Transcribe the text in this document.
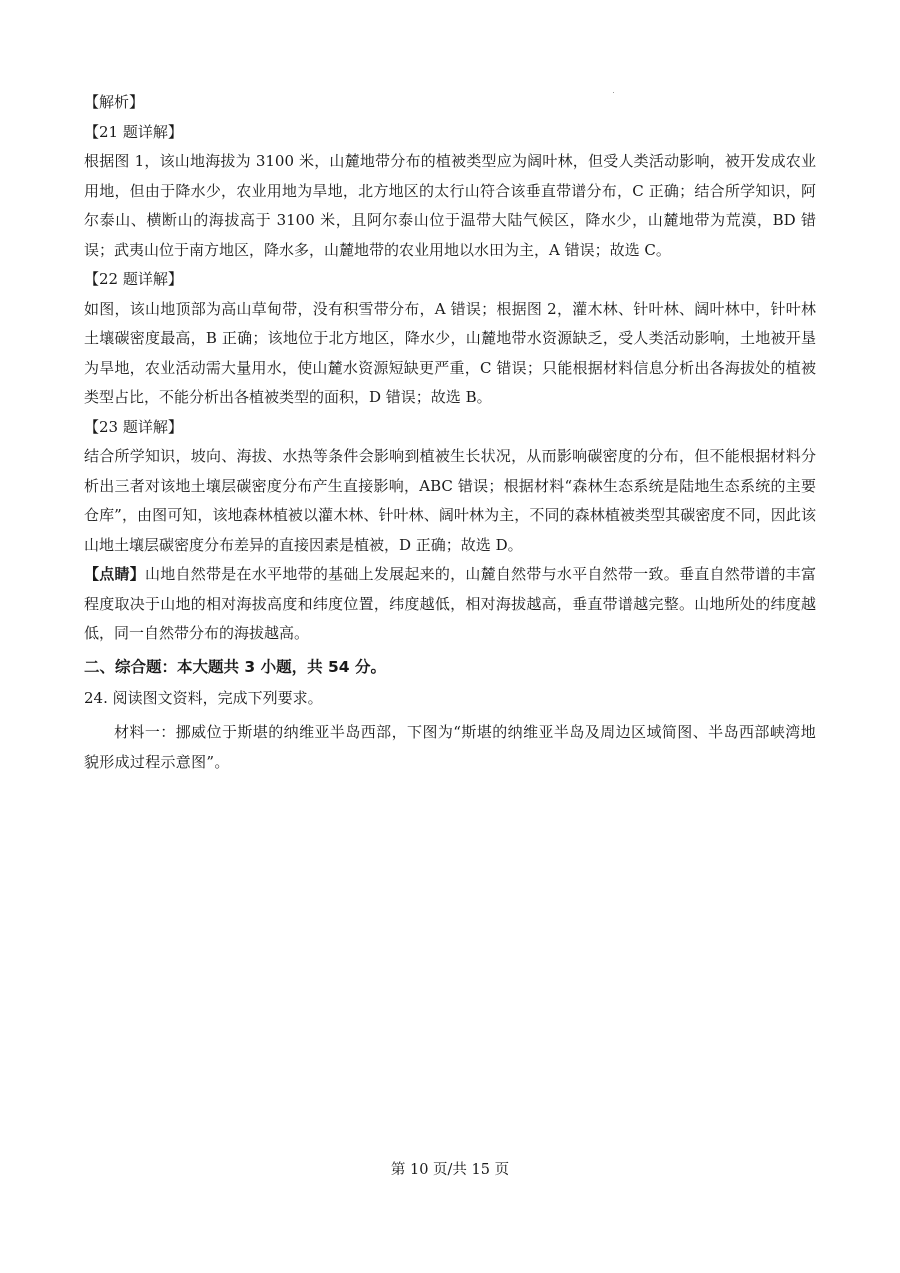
【解析】
【21 题详解】
根据图 1，该山地海拔为 3100 米，山麓地带分布的植被类型应为阔叶林，但受人类活动影响，被开发成农业用地，但由于降水少，农业用地为旱地，北方地区的太行山符合该垂直带谱分布，C 正确；结合所学知识，阿尔泰山、横断山的海拔高于 3100 米，且阿尔泰山位于温带大陆气候区，降水少，山麓地带为荒漠，BD 错误；武夷山位于南方地区，降水多，山麓地带的农业用地以水田为主，A 错误；故选 C。
【22 题详解】
如图，该山地顶部为高山草甸带，没有积雪带分布，A 错误；根据图 2，灌木林、针叶林、阔叶林中，针叶林土壤碳密度最高，B 正确；该地位于北方地区，降水少，山麓地带水资源缺乏，受人类活动影响，土地被开垦为旱地，农业活动需大量用水，使山麓水资源短缺更严重，C 错误；只能根据材料信息分析出各海拔处的植被类型占比，不能分析出各植被类型的面积，D 错误；故选 B。
【23 题详解】
结合所学知识，坡向、海拔、水热等条件会影响到植被生长状况，从而影响碳密度的分布，但不能根据材料分析出三者对该地土壤层碳密度分布产生直接影响，ABC 错误；根据材料“森林生态系统是陆地生态系统的主要仓库”，由图可知，该地森林植被以灌木林、针叶林、阔叶林为主，不同的森林植被类型其碳密度不同，因此该山地土壤层碳密度分布差异的直接因素是植被，D 正确；故选 D。
【点睛】山地自然带是在水平地带的基础上发展起来的，山麓自然带与水平自然带一致。垂直自然带谱的丰富程度取决于山地的相对海拔高度和纬度位置，纬度越低，相对海拔越高，垂直带谱越完整。山地所处的纬度越低，同一自然带分布的海拔越高。
二、综合题：本大题共 3 小题，共 54 分。
24. 阅读图文资料，完成下列要求。
材料一：挪威位于斯堪的纳维亚半岛西部，下图为“斯堪的纳维亚半岛及周边区域简图、半岛西部峡湾地貌形成过程示意图”。
第 10 页/共 15 页
